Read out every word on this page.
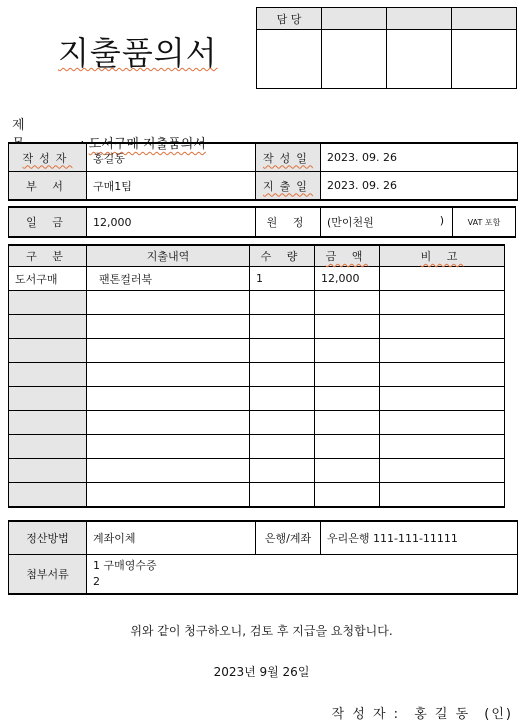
지출품의서
담 당			

제 도서구매 지출품의서
작성자	홍길동	작성일	2023. 09. 26
부 서	구매1팀	지출일	2023. 09. 26
일 금	12,000	원 정	(만이천원	)	VAT 포함
구 분	지출내역	수 량	금 액	비 고
도서구매	팬톤컬러북	1	12,000	

정산방법	계좌이체	은행/계좌	우리은행 111-111-11111
첨부서류	1 구매영수증
2		
위와 같이 청구하오니, 검토 후 지급을 요청합니다.
2023년 9월 26일
작 성 자 : 홍 길 동 (인)
